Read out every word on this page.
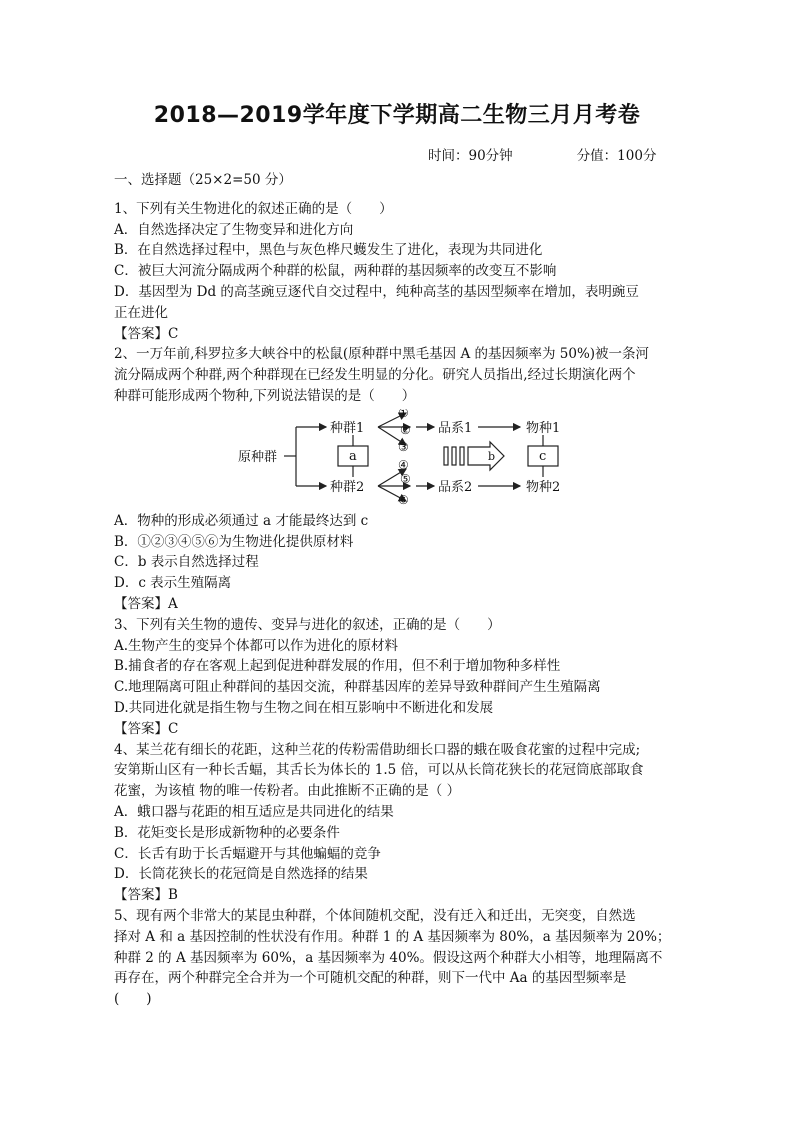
2018—2019学年度下学期高二生物三月月考卷
时间：90分钟	分值：100分
一、选择题（25×2=50 分）
1、下列有关生物进化的叙述正确的是（　　）
A．自然选择决定了生物变异和进化方向
B．在自然选择过程中，黑色与灰色桦尺蠖发生了进化，表现为共同进化
C．被巨大河流分隔成两个种群的松鼠，两种群的基因频率的改变互不影响
D．基因型为 Dd 的高茎豌豆逐代自交过程中，纯种高茎的基因型频率在增加，表明豌豆
正在进化
【答案】C
2、一万年前,科罗拉多大峡谷中的松鼠(原种群中黑毛基因 A 的基因频率为 50%)被一条河
流分隔成两个种群,两个种群现在已经发生明显的分化。研究人员指出,经过长期演化两个
种群可能形成两个物种,下列说法错误的是（　　）
原种群
种群1
种群2
a	b	c
品系1
品系2
物种1
物种2
①
②
③
④
⑤
⑥
A．物种的形成必须通过 a 才能最终达到 c
B．①②③④⑤⑥为生物进化提供原材料
C．b 表示自然选择过程
D．c 表示生殖隔离
【答案】A
3、下列有关生物的遗传、变异与进化的叙述，正确的是（　　）
A.生物产生的变异个体都可以作为进化的原材料
B.捕食者的存在客观上起到促进种群发展的作用，但不利于增加物种多样性
C.地理隔离可阻止种群间的基因交流，种群基因库的差异导致种群间产生生殖隔离
D.共同进化就是指生物与生物之间在相互影响中不断进化和发展
【答案】C
4、某兰花有细长的花距，这种兰花的传粉需借助细长口器的蛾在吸食花蜜的过程中完成;
安第斯山区有一种长舌蝠，其舌长为体长的 1.5 倍，可以从长筒花狭长的花冠筒底部取食
花蜜，为该植 物的唯一传粉者。由此推断不正确的是（ ）
A．蛾口器与花距的相互适应是共同进化的结果
B．花矩变长是形成新物种的必要条件
C．长舌有助于长舌蝠避开与其他蝙蝠的竞争
D．长筒花狭长的花冠筒是自然选择的结果
【答案】B
5、现有两个非常大的某昆虫种群，个体间随机交配，没有迁入和迁出，无突变，自然选
择对 A 和 a 基因控制的性状没有作用。种群 1 的 A 基因频率为 80%，a 基因频率为 20%；
种群 2 的 A 基因频率为 60%，a 基因频率为 40%。假设这两个种群大小相等，地理隔离不
再存在，两个种群完全合并为一个可随机交配的种群，则下一代中 Aa 的基因型频率是
(　　)
